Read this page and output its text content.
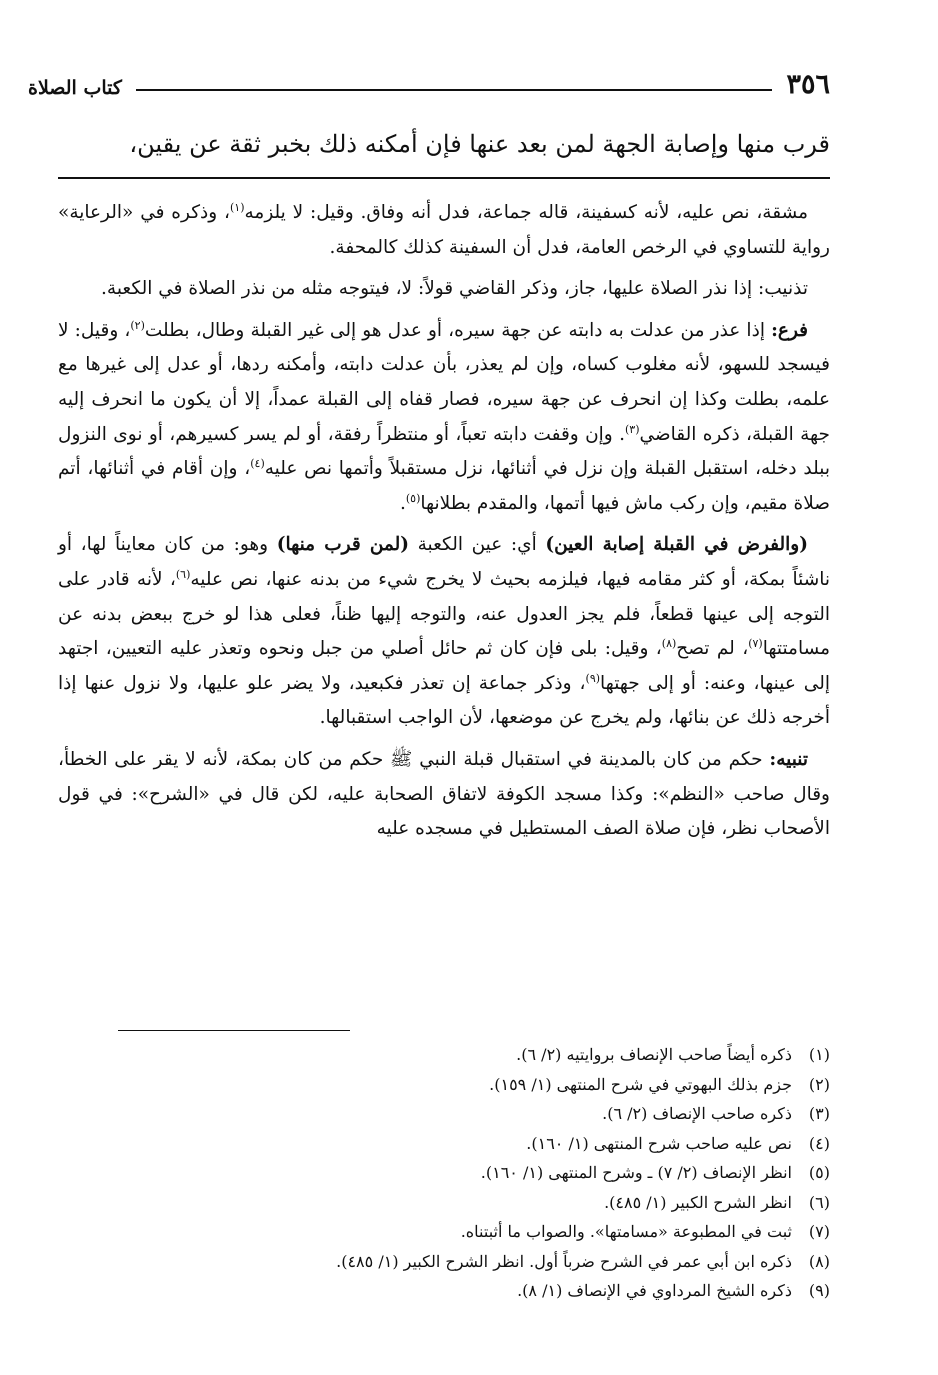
٣٥٦
كتاب الصلاة
قرب منها وإصابة الجهة لمن بعد عنها فإن أمكنه ذلك بخبر ثقة عن يقين،

مشقة، نص عليه، لأنه كسفينة، قاله جماعة، فدل أنه وفاق. وقيل: لا يلزمه$^{(١)}$، وذكره في «الرعاية» رواية للتساوي في الرخص العامة، فدل أن السفينة كذلك كالمحفة.

تذنيب: إذا نذر الصلاة عليها، جاز، وذكر القاضي قولاً: لا، فيتوجه مثله من نذر الصلاة في الكعبة.

فرع: إذا عذر من عدلت به دابته عن جهة سيره، أو عدل هو إلى غير القبلة وطال، بطلت$^{(٢)}$، وقيل: لا فيسجد للسهو، لأنه مغلوب كساه، وإن لم يعذر، بأن عدلت دابته، وأمكنه ردها، أو عدل إلى غيرها مع علمه، بطلت وكذا إن انحرف عن جهة سيره، فصار قفاه إلى القبلة عمداً، إلا أن يكون ما انحرف إليه جهة القبلة، ذكره القاضي$^{(٣)}$. وإن وقفت دابته تعباً، أو منتظراً رفقة، أو لم يسر كسيرهم، أو نوى النزول ببلد دخله، استقبل القبلة وإن نزل في أثنائها، نزل مستقبلاً وأتمها نص عليه$^{(٤)}$، وإن أقام في أثنائها، أتم صلاة مقيم، وإن ركب ماش فيها أتمها، والمقدم بطلانها$^{(٥)}$.

(والفرض في القبلة إصابة العين) أي: عين الكعبة (لمن قرب منها) وهو: من كان معايناً لها، أو ناشئاً بمكة، أو كثر مقامه فيها، فيلزمه بحيث لا يخرج شيء من بدنه عنها، نص عليه$^{(٦)}$، لأنه قادر على التوجه إلى عينها قطعاً، فلم يجز العدول عنه، والتوجه إليها ظناً، فعلى هذا لو خرج ببعض بدنه عن مسامتتها$^{(٧)}$، لم تصح$^{(٨)}$، وقيل: بلى فإن كان ثم حائل أصلي من جبل ونحوه وتعذر عليه التعيين، اجتهد إلى عينها، وعنه: أو إلى جهتها$^{(٩)}$، وذكر جماعة إن تعذر فكبعيد، ولا يضر علو عليها، ولا نزول عنها إذا أخرجه ذلك عن بنائها، ولم يخرج عن موضعها، لأن الواجب استقبالها.

تنبيه: حكم من كان بالمدينة في استقبال قبلة النبي ﷺ حكم من كان بمكة، لأنه لا يقر على الخطأ، وقال صاحب «النظم»: وكذا مسجد الكوفة لاتفاق الصحابة عليه، لكن قال في «الشرح»: في قول الأصحاب نظر، فإن صلاة الصف المستطيل في مسجده عليه

(١)ذكره أيضاً صاحب الإنصاف بروايتيه (٢/ ٦).
(٢)جزم بذلك البهوتي في شرح المنتهى (١/ ١٥٩).
(٣)ذكره صاحب الإنصاف (٢/ ٦).
(٤)نص عليه صاحب شرح المنتهى (١/ ١٦٠).
(٥)انظر الإنصاف (٢/ ٧) ـ وشرح المنتهى (١/ ١٦٠).
(٦)انظر الشرح الكبير (١/ ٤٨٥).
(٧)ثبت في المطبوعة «مسامتها». والصواب ما أثبتناه.
(٨)ذكره ابن أبي عمر في الشرح ضرباً أول. انظر الشرح الكبير (١/ ٤٨٥).
(٩)ذكره الشيخ المرداوي في الإنصاف (١/ ٨).
